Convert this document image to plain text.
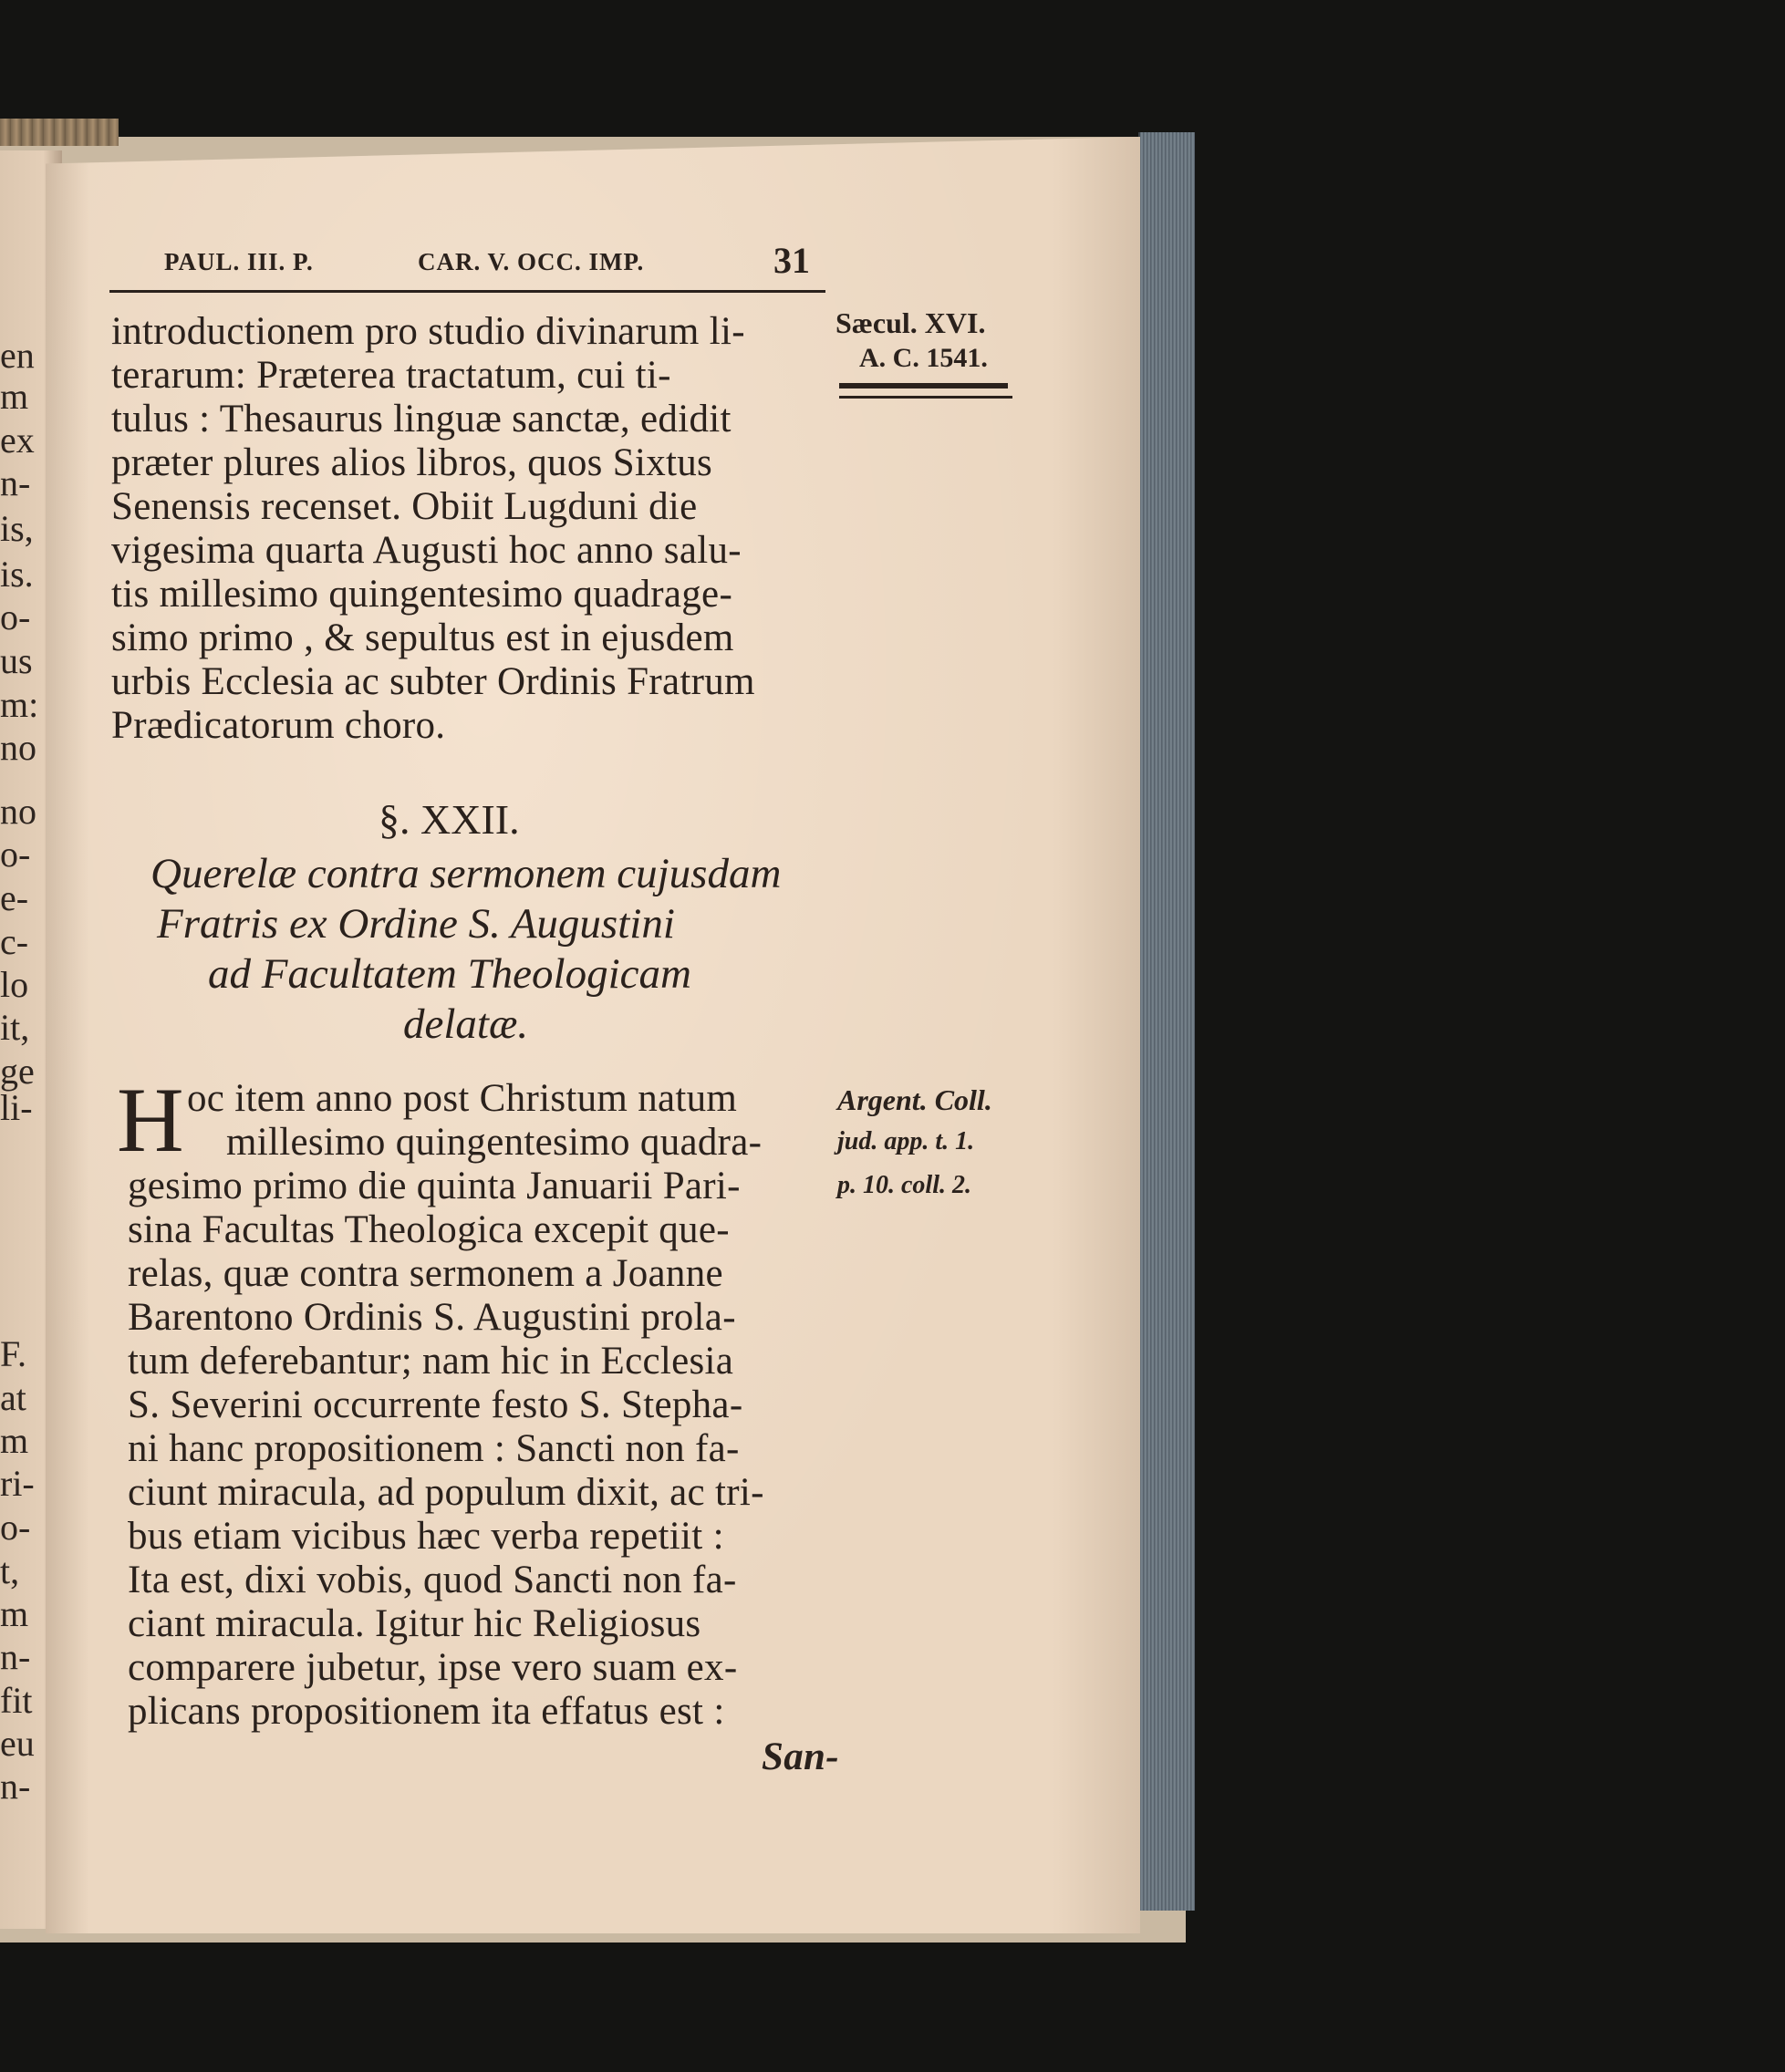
en
m
ex
n-
is,
is.
o-
us
m:
no
no
o-
e-
c-
lo
it,
ge
li-
F.
at
m
ri-
o-
t,
m
n-
fit
eu
n-
PAUL. III. P.	CAR. V. OCC. IMP.	31
Sæcul. XVI.
A. C. 1541.
introductionem pro studio divinarum li-
terarum: Præterea tractatum, cui ti-
tulus : Thesaurus linguæ sanctæ, edidit
præter plures alios libros, quos Sixtus
Senensis recenset. Obiit Lugduni die
vigesima quarta Augusti hoc anno salu-
tis millesimo quingentesimo quadrage-
simo primo , & sepultus est in ejusdem
urbis Ecclesia ac subter Ordinis Fratrum
Prædicatorum choro.
§. XXII.
Querelæ contra sermonem cujusdam
Fratris ex Ordine S. Augustini
ad Facultatem Theologicam
delatæ.
H oc item anno post Christum natum
millesimo quingentesimo quadra-
gesimo primo die quinta Januarii Pari-
sina Facultas Theologica excepit que-
relas, quæ contra sermonem a Joanne
Barentono Ordinis S. Augustini prola-
tum deferebantur; nam hic in Ecclesia
S. Severini occurrente festo S. Stepha-
ni hanc propositionem : Sancti non fa-
ciunt miracula, ad populum dixit, ac tri-
bus etiam vicibus hæc verba repetiit :
Ita est, dixi vobis, quod Sancti non fa-
ciant miracula. Igitur hic Religiosus
comparere jubetur, ipse vero suam ex-
plicans propositionem ita effatus est :
San-
Argent. Coll.
jud. app. t. 1.
p. 10. coll. 2.
